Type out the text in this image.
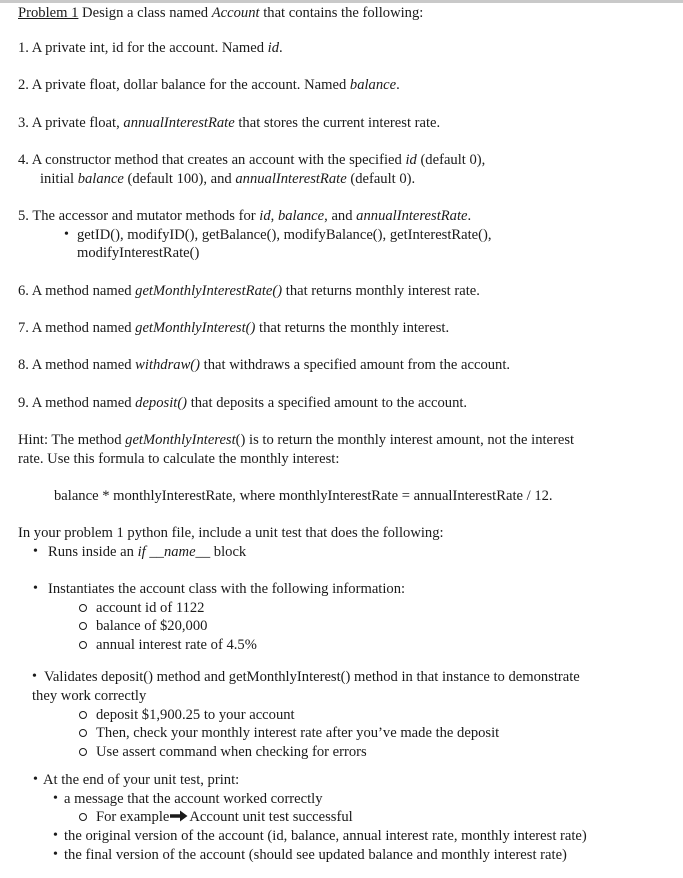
Problem 1 Design a class named Account that contains the following:
1. A private int, id for the account. Named id.
2. A private float, dollar balance for the account. Named balance.
3. A private float, annualInterestRate that stores the current interest rate.
4. A constructor method that creates an account with the specified id (default 0),
initial balance (default 100), and annualInterestRate (default 0).
5. The accessor and mutator methods for id, balance, and annualInterestRate.
• getID(), modifyID(), getBalance(), modifyBalance(), getInterestRate(),
modifyInterestRate()
6. A method named getMonthlyInterestRate() that returns monthly interest rate.
7. A method named getMonthlyInterest() that returns the monthly interest.
8. A method named withdraw() that withdraws a specified amount from the account.
9. A method named deposit() that deposits a specified amount to the account.
Hint: The method getMonthlyInterest() is to return the monthly interest amount, not the interest
rate. Use this formula to calculate the monthly interest:
balance * monthlyInterestRate, where monthlyInterestRate = annualInterestRate / 12.
In your problem 1 python file, include a unit test that does the following:
• Runs inside an if __name__ block
• Instantiates the account class with the following information:
account id of 1122
balance of $20,000
annual interest rate of 4.5%
• Validates deposit() method and getMonthlyInterest() method in that instance to demonstrate
they work correctly
deposit $1,900.25 to your account
Then, check your monthly interest rate after you’ve made the deposit
Use assert command when checking for errors
• At the end of your unit test, print:
• a message that the account worked correctly
For example Account unit test successful
• the original version of the account (id, balance, annual interest rate, monthly interest rate)
• the final version of the account (should see updated balance and monthly interest rate)
